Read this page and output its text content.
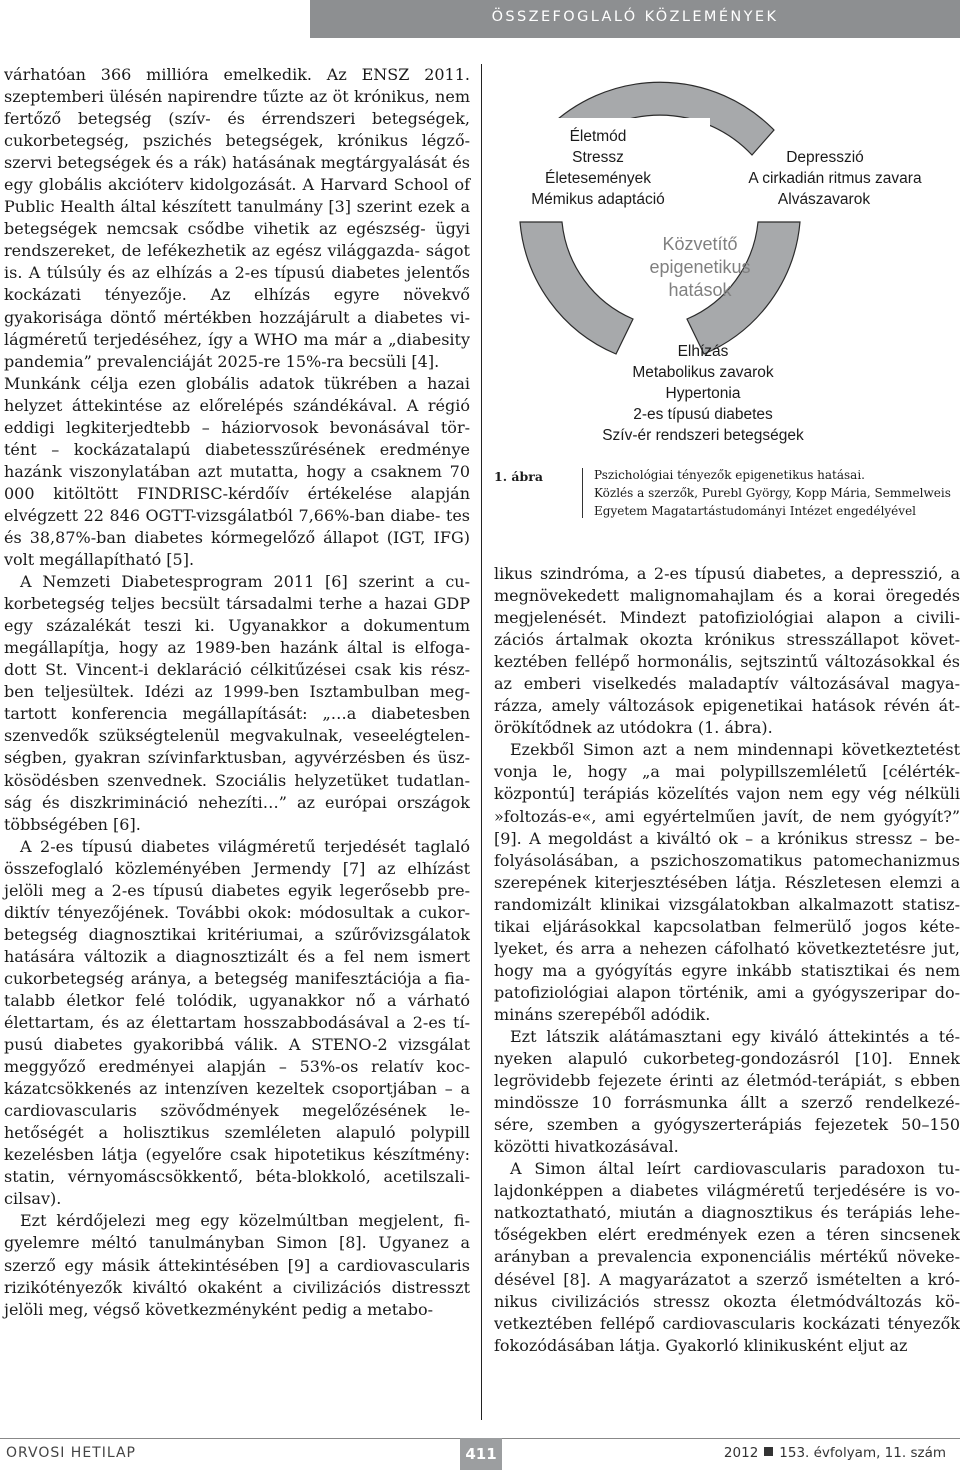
ÖSSZEFOGLALÓ KÖZLEMÉNYEK

várhatóan 366 millióra emelkedik. Az ENSZ 2011. szeptemberi ülésén napirendre tűzte az öt krónikus, nem fertőző betegség (szív- és érrendszeri betegségek, cukorbetegség, pszichés betegségek, krónikus légző- szervi betegségek és a rák) hatásának megtárgyalását és egy globális akcióterv kidolgozását. A Harvard School of Public Health által készített tanulmány [3] szerint ezek a betegségek nemcsak csődbe vihetik az egészség- ügyi rendszereket, de lefékezhetik az egész világgazda- ságot is. A túlsúly és az elhízás a 2-es típusú diabetes jelentős kockázati tényezője. Az elhízás egyre növekvő gyakorisága döntő mértékben hozzájárult a diabetes vi- lágméretű terjedéséhez, így a WHO ma már a „diabesity pandemia” prevalenciáját 2025-re 15%-ra becsüli [4].

Munkánk célja ezen globális adatok tükrében a hazai helyzet áttekintése az előrelépés szándékával. A régió eddigi legkiterjedtebb – háziorvosok bevonásával tör- tént – kockázatalapú diabetesszűrésének eredménye hazánk viszonylatában azt mutatta, hogy a csaknem 70 000 kitöltött FINDRISC-kérdőív értékelése alapján elvégzett 22 846 OGTT-vizsgálatból 7,66%-ban diabe- tes és 38,87%-ban diabetes kórmegelőző állapot (IGT, IFG) volt megállapítható [5].

A Nemzeti Diabetesprogram 2011 [6] szerint a cu- korbetegség teljes becsült társadalmi terhe a hazai GDP egy százalékát teszi ki. Ugyanakkor a dokumentum megállapítja, hogy az 1989-ben hazánk által is elfoga- dott St. Vincent-i deklaráció célkitűzései csak kis rész- ben teljesültek. Idézi az 1999-ben Isztambulban meg- tartott konferencia megállapítását: „…a diabetesben szenvedők szükségtelenül megvakulnak, veseelégtelen- ségben, gyakran szívinfarktusban, agyvérzésben és üsz- kösödésben szenvednek. Szociális helyzetüket tudatlan- ság és diszkrimináció nehezíti…” az európai országok többségében [6].

A 2-es típusú diabetes világméretű terjedését taglaló összefoglaló közleményében Jermendy [7] az elhízást jelöli meg a 2-es típusú diabetes egyik legerősebb pre- diktív tényezőjének. További okok: módosultak a cukor- betegség diagnosztikai kritériumai, a szűrővizsgálatok hatására változik a diagnosztizált és a fel nem ismert cukorbetegség aránya, a betegség manifesztációja a fia- talabb életkor felé tolódik, ugyanakkor nő a várható élettartam, és az élettartam hosszabbodásával a 2-es tí- pusú diabetes gyakoribbá válik. A STENO-2 vizsgálat meggyőző eredményei alapján – 53%-os relatív koc- kázatcsökkenés az intenzíven kezeltek csoportjában – a cardiovascularis szövődmények megelőzésének le- hetőségét a holisztikus szemléleten alapuló polypill kezelésben látja (egyelőre csak hipotetikus készítmény: statin, vérnyomáscsökkentő, béta-blokkoló, acetilszali- cilsav).

Ezt kérdőjelezi meg egy közelmúltban megjelent, fi- gyelemre méltó tanulmányban Simon [8]. Ugyanez a szerző egy másik áttekintésében [9] a cardiovascularis rizikótényezők kiváltó okaként a civilizációs distresszt jelöli meg, végső következményként pedig a metabo-

Életmód
Stressz
Életesemények
Mémikus adaptáció
Depresszió
A cirkadián ritmus zavara
Alvászavarok
Közvetítő
epigenetikus
hatások
Elhízás
Metabolikus zavarok
Hypertonia
2-es típusú diabetes
Szív-ér rendszeri betegségek
1. ábra	Pszichológiai tényezők epigenetikus hatásai.
Közlés a szerzők, Purebl György, Kopp Mária, Semmelweis
Egyetem Magatartástudományi Intézet engedélyével

likus szindróma, a 2-es típusú diabetes, a depresszió, a megnövekedett malignomahajlam és a korai öregedés megjelenését. Mindezt patofiziológiai alapon a civili- zációs ártalmak okozta krónikus stresszállapot követ- keztében fellépő hormonális, sejtszintű változásokkal és az emberi viselkedés maladaptív változásával magya- rázza, amely változások epigenetikai hatások révén át- örökítődnek az utódokra (1. ábra).

Ezekből Simon azt a nem mindennapi következtetést vonja le, hogy „a mai polypillszemléletű [célérték- központú] terápiás közelítés vajon nem egy vég nélküli »foltozás-e«, ami egyértelműen javít, de nem gyógyít?” [9]. A megoldást a kiváltó ok – a krónikus stressz – be- folyásolásában, a pszichoszomatikus patomechanizmus szerepének kiterjesztésében látja. Részletesen elemzi a randomizált klinikai vizsgálatokban alkalmazott statisz- tikai eljárásokkal kapcsolatban felmerülő jogos kéte- lyeket, és arra a nehezen cáfolható következtetésre jut, hogy ma a gyógyítás egyre inkább statisztikai és nem patofiziológiai alapon történik, ami a gyógyszeripar do- mináns szerepéből adódik.

Ezt látszik alátámasztani egy kiváló áttekintés a té- nyeken alapuló cukorbeteg-gondozásról [10]. Ennek legrövidebb fejezete érinti az életmód-terápiát, s ebben mindössze 10 forrásmunka állt a szerző rendelkezé- sére, szemben a gyógyszerterápiás fejezetek 50–150 közötti hivatkozásával.

A Simon által leírt cardiovascularis paradoxon tu- lajdonképpen a diabetes világméretű terjedésére is vo- natkoztatható, miután a diagnosztikus és terápiás lehe- tőségekben elért eredmények ezen a téren sincsenek arányban a prevalencia exponenciális mértékű növeke- désével [8]. A magyarázatot a szerző ismételten a kró- nikus civilizációs stressz okozta életmódváltozás kö- vetkeztében fellépő cardiovascularis kockázati tényezők fokozódásában látja. Gyakorló klinikusként eljut az

ORVOSI HETILAP	411	2012 153. évfolyam, 11. szám
